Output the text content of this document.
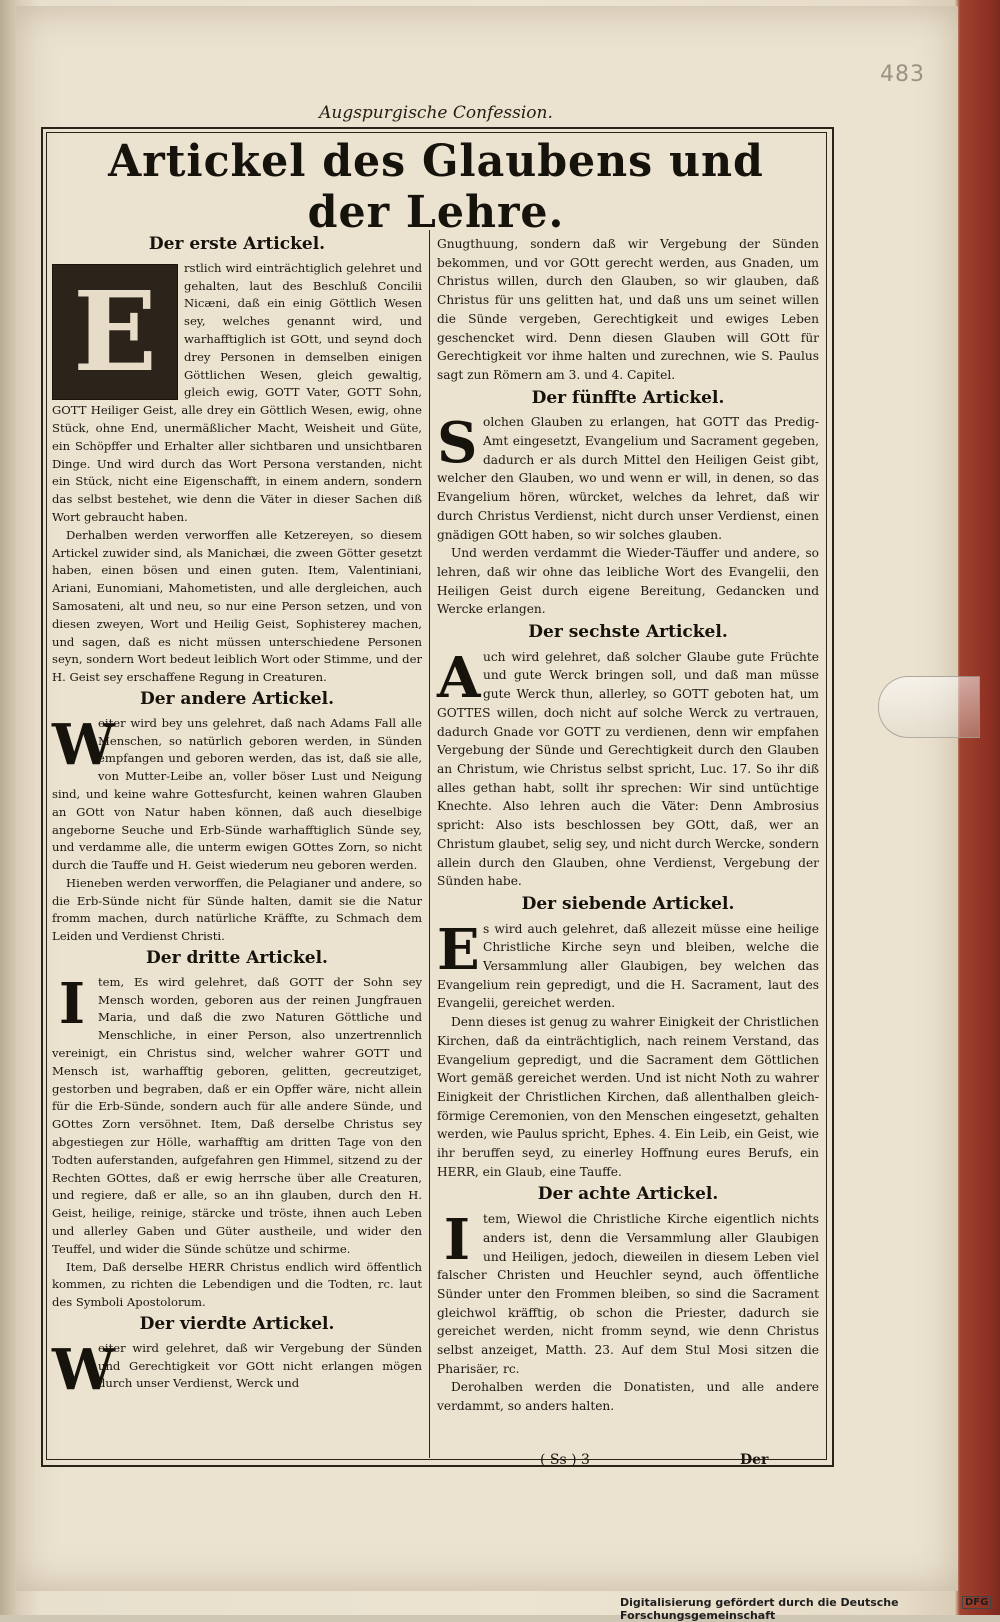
483
Augspurgische Confession.
Artickel des Glaubens und der Lehre.
Der erste Artickel.

E	rstlich wird einträchtiglich gelehret und gehalten, laut des Beschluß Concilii Nicæni, daß ein einig Göttlich Wesen sey, welches genannt wird, und warhafftiglich ist GOtt, und seynd doch drey Personen in demselben einigen Göttlichen Wesen, gleich gewaltig, gleich ewig, GOTT Vater, GOTT Sohn, GOTT Heiliger Geist, alle drey ein Göttlich Wesen, ewig, ohne Stück, ohne End, unermäßlicher Macht, Weisheit und Güte, ein Schöpffer und Erhalter aller sichtbaren und unsichtbaren Dinge. Und wird durch das Wort Persona verstanden, nicht ein Stück, nicht eine Eigenschafft, in einem andern, sondern das selbst bestehet, wie denn die Väter in dieser Sachen diß Wort gebraucht haben.

Derhalben werden verworffen alle Ketzereyen, so diesem Artickel zuwider sind, als Manichæi, die zween Götter gesetzt haben, einen bösen und einen guten. Item, Valentiniani, Ariani, Eunomiani, Mahometisten, und alle dergleichen, auch Samosateni, alt und neu, so nur eine Person setzen, und von diesen zweyen, Wort und Heilig Geist, Sophisterey machen, und sagen, daß es nicht müssen unterschiedene Personen seyn, sondern Wort bedeut leiblich Wort oder Stimme, und der H. Geist sey erschaffene Regung in Creaturen.

Der andere Artickel.

W
eiter wird bey uns gelehret, daß nach Adams Fall alle Menschen, so natürlich geboren werden, in Sünden empfangen und geboren werden, das ist, daß sie alle, von Mutter-Leibe an, voller böser Lust und Neigung sind, und keine wahre Gottesfurcht, keinen wahren Glauben an GOtt von Natur haben können, daß auch dieselbige angeborne Seuche und Erb-Sünde warhafftiglich Sünde sey, und verdamme alle, die unterm ewigen GOttes Zorn, so nicht durch die Tauffe und H. Geist wiederum neu geboren werden.

Hieneben werden verworffen, die Pelagianer und andere, so die Erb-Sünde nicht für Sünde halten, damit sie die Natur fromm machen, durch natürliche Kräffte, zu Schmach dem Leiden und Verdienst Christi.

Der dritte Artickel.

I	tem, Es wird gelehret, daß GOTT der Sohn sey Mensch worden, geboren aus der reinen Jungfrauen Maria, und daß die zwo Naturen Göttliche und Menschliche, in einer Person, also unzertrennlich vereinigt, ein Christus sind, welcher wahrer GOTT und Mensch ist, warhafftig geboren, gelitten, gecreutziget, gestorben und begraben, daß er ein Opffer wäre, nicht allein für die Erb-Sünde, sondern auch für alle andere Sünde, und GOttes Zorn versöhnet. Item, Daß derselbe Christus sey abgestiegen zur Hölle, warhafftig am dritten Tage von den Todten auferstanden, aufgefahren gen Himmel, sitzend zu der Rechten GOttes, daß er ewig herrsche über alle Creaturen, und regiere, daß er alle, so an ihn glauben, durch den H. Geist, heilige, reinige, stärcke und tröste, ihnen auch Leben und allerley Gaben und Güter austheile, und wider den Teuffel, und wider die Sünde schütze und schirme.

Item, Daß derselbe HERR Christus endlich wird öffentlich kommen, zu richten die Lebendigen und die Todten, rc. laut des Symboli Apostolorum.

Der vierdte Artickel.

W
eiter wird gelehret, daß wir Vergebung der Sünden und Gerechtigkeit vor GOtt nicht erlangen mögen durch unser Verdienst, Werck und

Gnugthuung, sondern daß wir Vergebung der Sünden bekommen, und vor GOtt gerecht werden, aus Gnaden, um Christus willen, durch den Glauben, so wir glauben, daß Christus für uns gelitten hat, und daß uns um seinet willen die Sünde vergeben, Gerechtigkeit und ewiges Leben geschencket wird. Denn diesen Glauben will GOtt für Gerechtigkeit vor ihme halten und zurechnen, wie S. Paulus sagt zun Römern am 3. und 4. Capitel.

Der fünffte Artickel.

Solchen Glauben zu erlangen, hat GOTT das Predig-Amt eingesetzt, Evangelium und Sacrament gegeben, dadurch er als durch Mittel den Heiligen Geist gibt, welcher den Glauben, wo und wenn er will, in denen, so das Evangelium hören, würcket, welches da lehret, daß wir durch Christus Verdienst, nicht durch unser Verdienst, einen gnädigen GOtt haben, so wir solches glauben.

Und werden verdammt die Wieder-Täuffer und andere, so lehren, daß wir ohne das leibliche Wort des Evangelii, den Heiligen Geist durch eigene Bereitung, Gedancken und Wercke erlangen.

Der sechste Artickel.

Auch wird gelehret, daß solcher Glaube gute Früchte und gute Werck bringen soll, und daß man müsse gute Werck thun, allerley, so GOTT geboten hat, um GOTTES willen, doch nicht auf solche Werck zu vertrauen, dadurch Gnade vor GOTT zu verdienen, denn wir empfahen Vergebung der Sünde und Gerechtigkeit durch den Glauben an Christum, wie Christus selbst spricht, Luc. 17. So ihr diß alles gethan habt, sollt ihr sprechen: Wir sind untüchtige Knechte. Also lehren auch die Väter: Denn Ambrosius spricht: Also ists beschlossen bey GOtt, daß, wer an Christum glaubet, selig sey, und nicht durch Wercke, sondern allein durch den Glauben, ohne Verdienst, Vergebung der Sünden habe.

Der siebende Artickel.

Es wird auch gelehret, daß allezeit müsse eine heilige Christliche Kirche seyn und bleiben, welche die Versammlung aller Glaubigen, bey welchen das Evangelium rein gepredigt, und die H. Sacrament, laut des Evangelii, gereichet werden.

Denn dieses ist genug zu wahrer Einigkeit der Christlichen Kirchen, daß da einträchtiglich, nach reinem Verstand, das Evangelium gepredigt, und die Sacrament dem Göttlichen Wort gemäß gereichet werden. Und ist nicht Noth zu wahrer Einigkeit der Christlichen Kirchen, daß allenthalben gleich-förmige Ceremonien, von den Menschen eingesetzt, gehalten werden, wie Paulus spricht, Ephes. 4. Ein Leib, ein Geist, wie ihr beruffen seyd, zu einerley Hoffnung eures Berufs, ein HERR, ein Glaub, eine Tauffe.

Der achte Artickel.

I	tem, Wiewol die Christliche Kirche eigentlich nichts anders ist, denn die Versammlung aller Glaubigen und Heiligen, jedoch, dieweilen in diesem Leben viel falscher Christen und Heuchler seynd, auch öffentliche Sünder unter den Frommen bleiben, so sind die Sacrament gleichwol kräfftig, ob schon die Priester, dadurch sie gereichet werden, nicht fromm seynd, wie denn Christus selbst anzeiget, Matth. 23. Auf dem Stul Mosi sitzen die Pharisäer, rc.

Derohalben werden die Donatisten, und alle andere verdammt, so anders halten.

( Ss ) 3	Der
Digitalisierung gefördert durch die Deutsche Forschungsgemeinschaft
DFG
